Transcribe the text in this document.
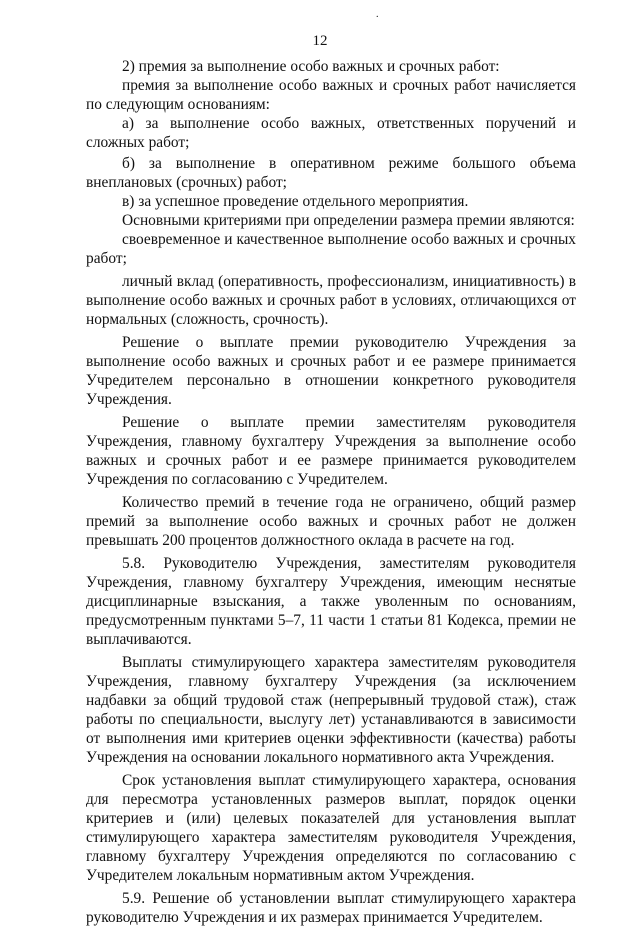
.
12

2) премия за выполнение особо важных и срочных работ:

премия за выполнение особо важных и срочных работ начисляется по следующим основаниям:

а) за выполнение особо важных, ответственных поручений и сложных работ;

б) за выполнение в оперативном режиме большого объема внеплановых (срочных) работ;

в) за успешное проведение отдельного мероприятия.

Основными критериями при определении размера премии являются:

своевременное и качественное выполнение особо важных и срочных работ;

личный вклад (оперативность, профессионализм, инициативность) в выполнение особо важных и срочных работ в условиях, отличающихся от нормальных (сложность, срочность).

Решение о выплате премии руководителю Учреждения за выполнение особо важных и срочных работ и ее размере принимается Учредителем персонально в отношении конкретного руководителя Учреждения.

Решение о выплате премии заместителям руководителя Учреждения, главному бухгалтеру Учреждения за выполнение особо важных и срочных работ и ее размере принимается руководителем Учреждения по согласованию с Учредителем.

Количество премий в течение года не ограничено, общий размер премий за выполнение особо важных и срочных работ не должен превышать 200 процентов должностного оклада в расчете на год.

5.8. Руководителю Учреждения, заместителям руководителя Учреждения, главному бухгалтеру Учреждения, имеющим неснятые дисциплинарные взыскания, а также уволенным по основаниям, предусмотренным пунктами 5–7, 11 части 1 статьи 81 Кодекса, премии не выплачиваются.

Выплаты стимулирующего характера заместителям руководителя Учреждения, главному бухгалтеру Учреждения (за исключением надбавки за общий трудовой стаж (непрерывный трудовой стаж), стаж работы по специальности, выслугу лет) устанавливаются в зависимости от выполнения ими критериев оценки эффективности (качества) работы Учреждения на основании локального нормативного акта Учреждения.

Срок установления выплат стимулирующего характера, основания для пересмотра установленных размеров выплат, порядок оценки критериев и (или) целевых показателей для установления выплат стимулирующего характера заместителям руководителя Учреждения, главному бухгалтеру Учреждения определяются по согласованию с Учредителем локальным нормативным актом Учреждения.

5.9. Решение об установлении выплат стимулирующего характера руководителю Учреждения и их размерах принимается Учредителем.
